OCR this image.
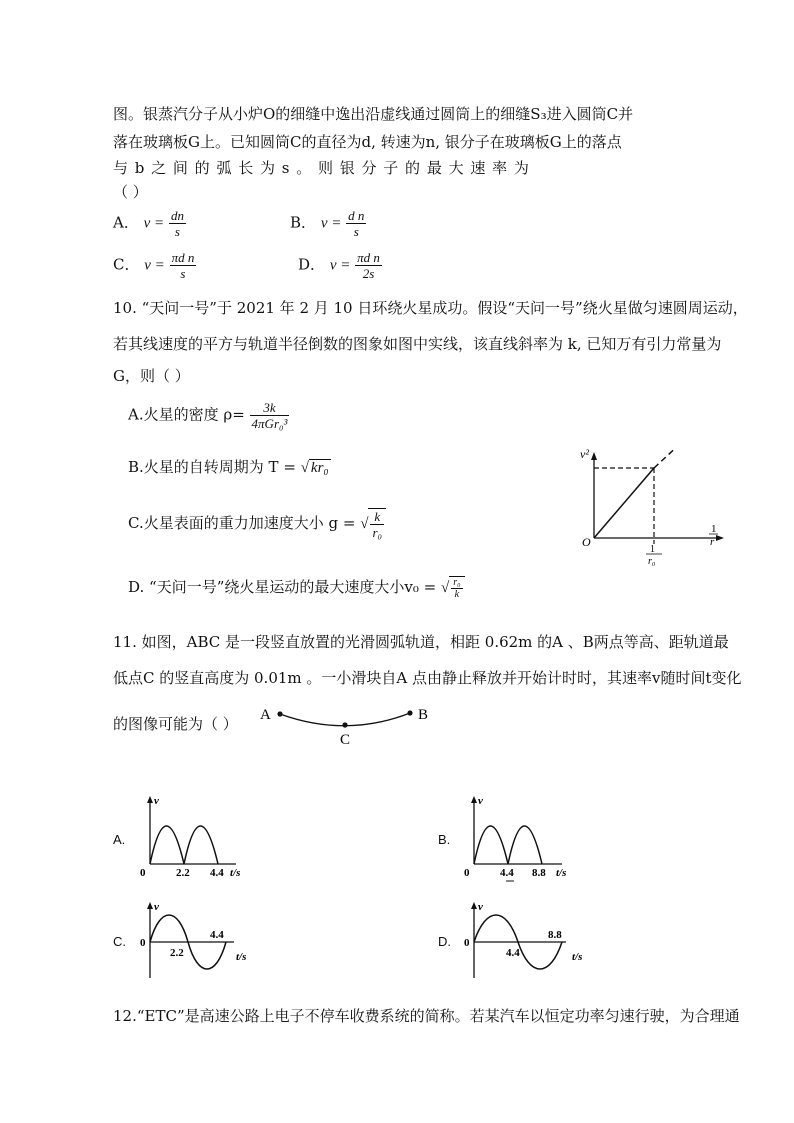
图。银蒸汽分子从小炉O的细缝中逸出沿虚线通过圆筒上的细缝S₃进入圆筒C并
落在玻璃板G上。已知圆筒C的直径为d, 转速为n, 银分子在玻璃板G上的落点
与 b 之 间 的 弧 长 为 s 。 则 银 分 子 的 最 大 速 率 为
（ ）
A． $v = \frac{dn}{s}$	B． $v = \frac{\text{d n}}{s}$
C． $v = \frac{\text{πd n}}{s}$	D． $v = \frac{\text{πd n}}{2s}$
10. “天问一号”于 2021 年 2 月 10 日环绕火星成功。假设“天问一号”绕火星做匀速圆周运动，
若其线速度的平方与轨道半径倒数的图象如图中实线，该直线斜率为 k, 已知万有引力常量为
G，则（ ）
A.火星的密度 $\rho= \frac{3k}{\text{4πGr₀³}}$
B.火星的自转周期为 T = √ kr₀
C.火星表面的重力加速度大小 g = √ $\frac{k}{\text{r₀}}$
D. “天问一号”绕火星运动的最大速度大小v₀ = √ $\frac{\text{r₀}}{k}$
v²
O
1
r
1
r₀
11. 如图，ABC 是一段竖直放置的光滑圆弧轨道，相距 0.62m 的A 、B两点等高、距轨道最
低点C 的竖直高度为 0.01m 。一小滑块自A 点由静止释放并开始计时时，其速率v随时间t变化
的图像可能为（ ） A	B
C
A.
v
0	2.2 4.4 t/s
B.
v
0	4.4 8.8 t/s
C.
v
0
2.2
4.4
t/s
D.
v
0
4.4
8.8
t/s
12.“ETC”是高速公路上电子不停车收费系统的简称。若某汽车以恒定功率匀速行驶，为合理通
